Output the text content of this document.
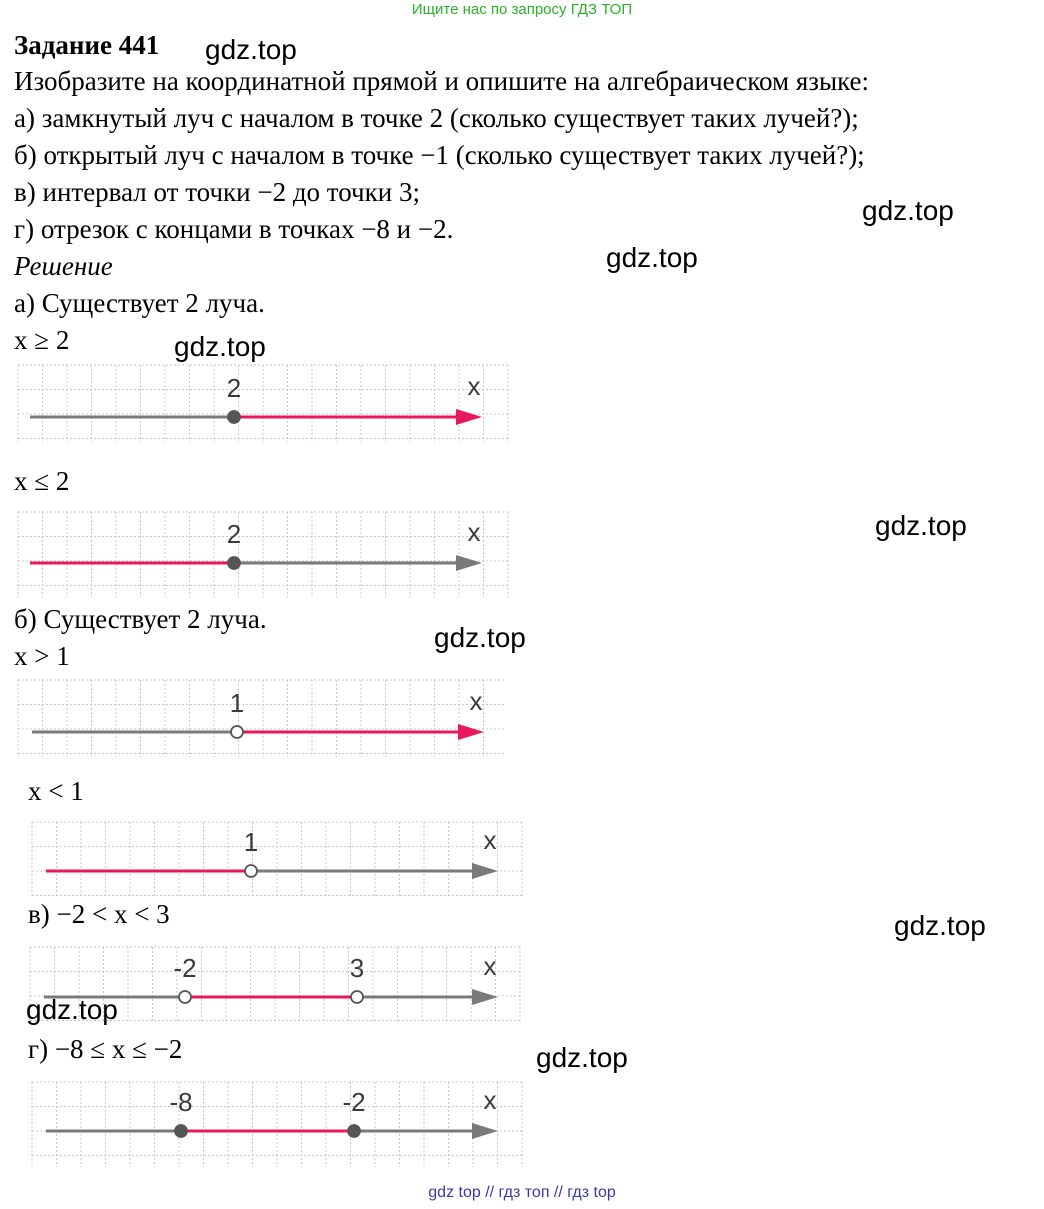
Ищите нас по запросу ГДЗ ТОП
Задание 441
Изобразите на координатной прямой и опишите на алгебраическом языке:
а) замкнутый луч с началом в точке 2 (сколько существует таких лучей?);
б) открытый луч с началом в точке −1 (сколько существует таких лучей?);
в) интервал от точки −2 до точки 3;
г) отрезок с концами в точках −8 и −2.
Решение
а) Существует 2 луча.
x ≥ 2
x
2
x ≤ 2
x
2
б) Существует 2 луча.
x > 1
x
1
x < 1
x
1
в) −2 < x < 3
x
-2	3
г) −8 ≤ x ≤ −2
x
-8	-2
gdz.top
gdz.top
gdz.top
gdz.top
gdz.top
gdz.top
gdz.top
gdz.top
gdz.top
gdz top // гдз топ // гдз top
